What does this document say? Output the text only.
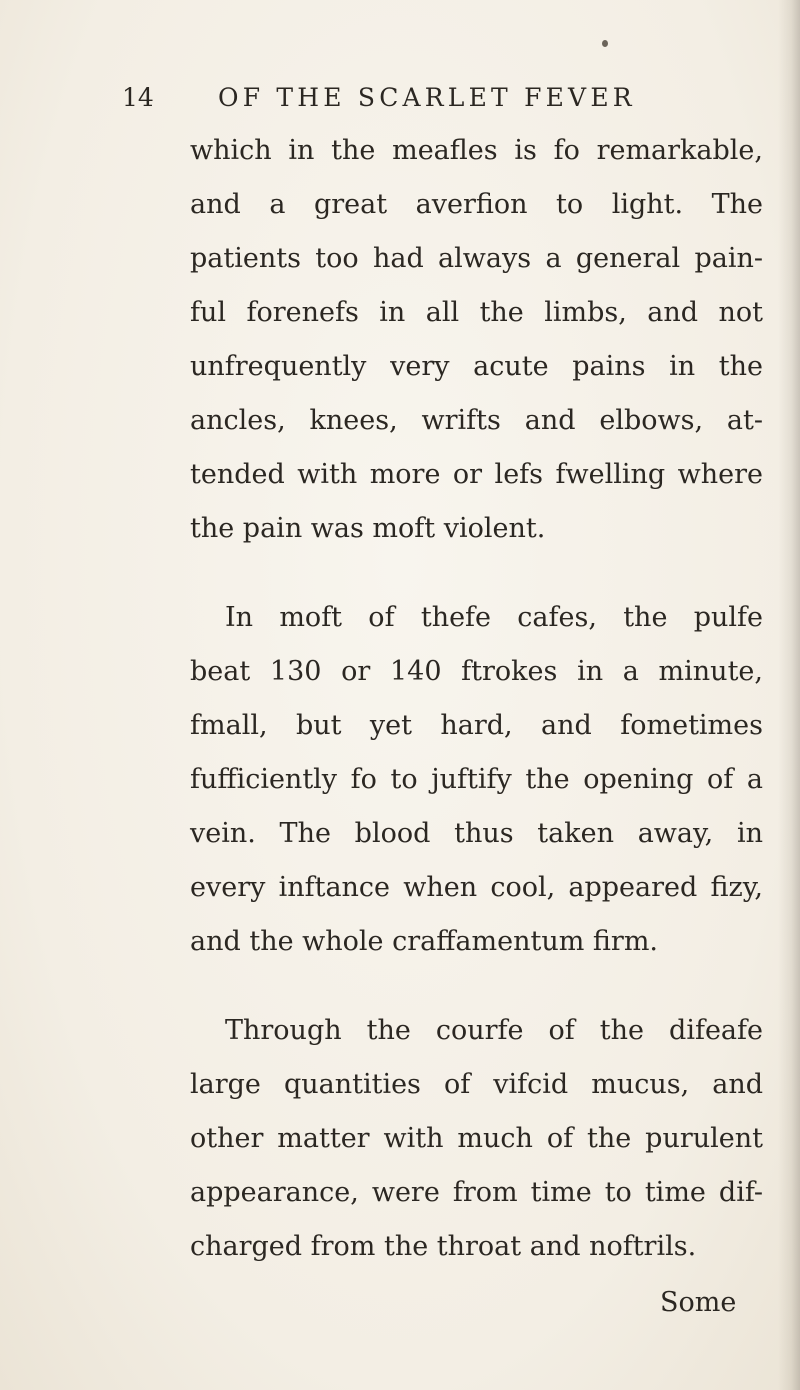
14	OF THE SCARLET FEVER
which in the meafles is fo remarkable,
and a great averfion to light. The
patients too had always a general pain-
ful forenefs in all the limbs, and not
unfrequently very acute pains in the
ancles, knees, wrifts and elbows, at-
tended with more or lefs fwelling where
the pain was moft violent.
In moft of thefe cafes, the pulfe
beat 130 or 140 ftrokes in a minute,
fmall, but yet hard, and fometimes
fufficiently fo to juftify the opening of a
vein. The blood thus taken away, in
every inftance when cool, appeared fizy,
and the whole craffamentum firm.
Through the courfe of the difeafe
large quantities of vifcid mucus, and
other matter with much of the purulent
appearance, were from time to time dif-
charged from the throat and noftrils.
Some
